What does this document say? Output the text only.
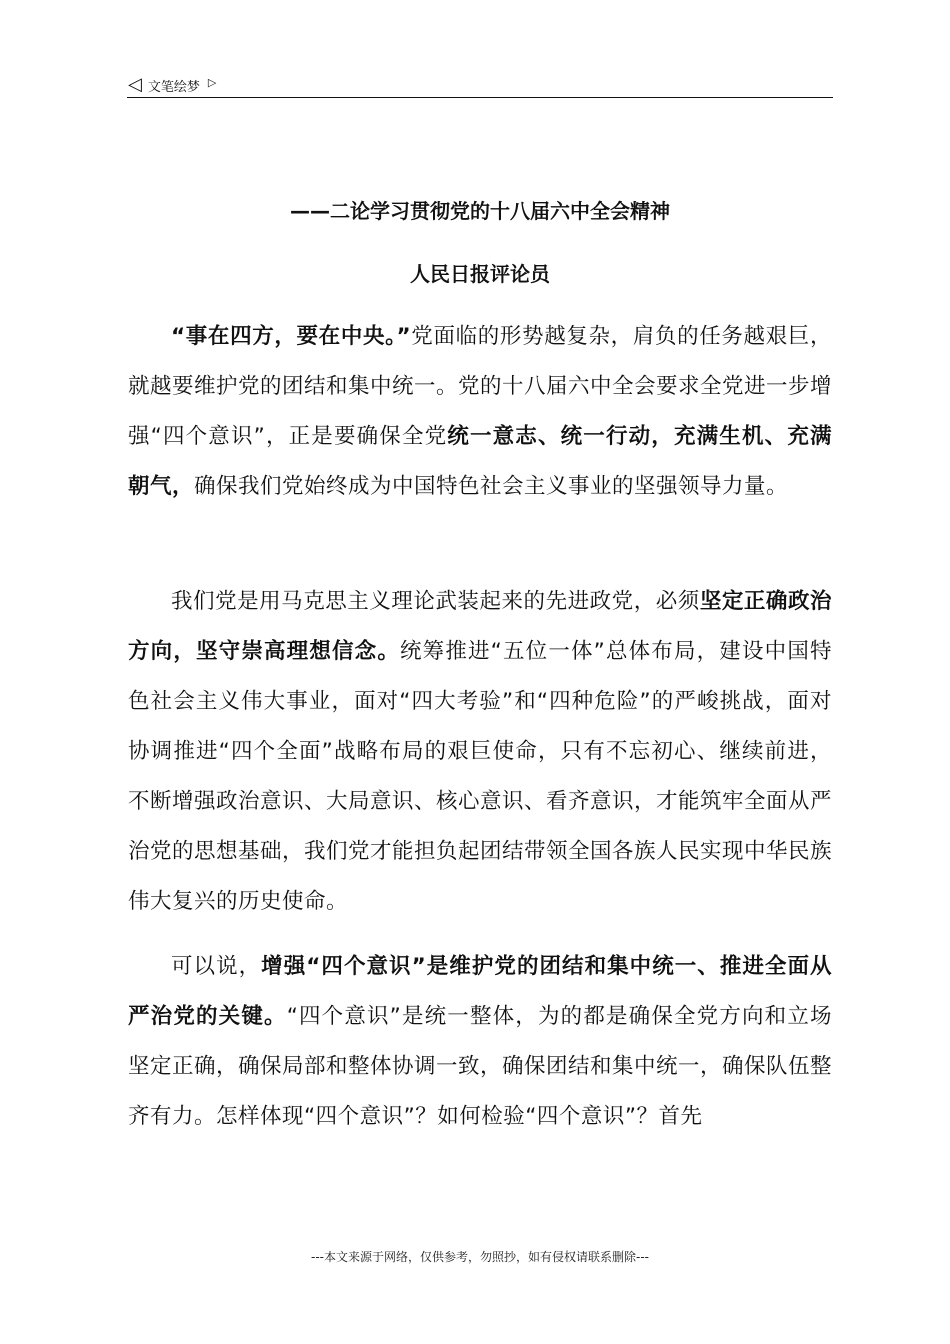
◁ 文笔绘梦 ▷
——二论学习贯彻党的十八届六中全会精神
人民日报评论员
“事在四方，要在中央。”党面临的形势越复杂，肩负的任务越艰巨，就越要维护党的团结和集中统一。党的十八届六中全会要求全党进一步增强“四个意识”，正是要确保全党统一意志、统一行动，充满生机、充满朝气，确保我们党始终成为中国特色社会主义事业的坚强领导力量。
我们党是用马克思主义理论武装起来的先进政党，必须坚定正确政治方向，坚守崇高理想信念。统筹推进“五位一体”总体布局，建设中国特色社会主义伟大事业，面对“四大考验”和“四种危险”的严峻挑战，面对协调推进“四个全面”战略布局的艰巨使命，只有不忘初心、继续前进，不断增强政治意识、大局意识、核心意识、看齐意识，才能筑牢全面从严治党的思想基础，我们党才能担负起团结带领全国各族人民实现中华民族伟大复兴的历史使命。
可以说，增强“四个意识”是维护党的团结和集中统一、推进全面从严治党的关键。“四个意识”是统一整体，为的都是确保全党方向和立场坚定正确，确保局部和整体协调一致，确保团结和集中统一，确保队伍整齐有力。怎样体现“四个意识”？如何检验“四个意识”？首先
---本文来源于网络，仅供参考，勿照抄，如有侵权请联系删除---
